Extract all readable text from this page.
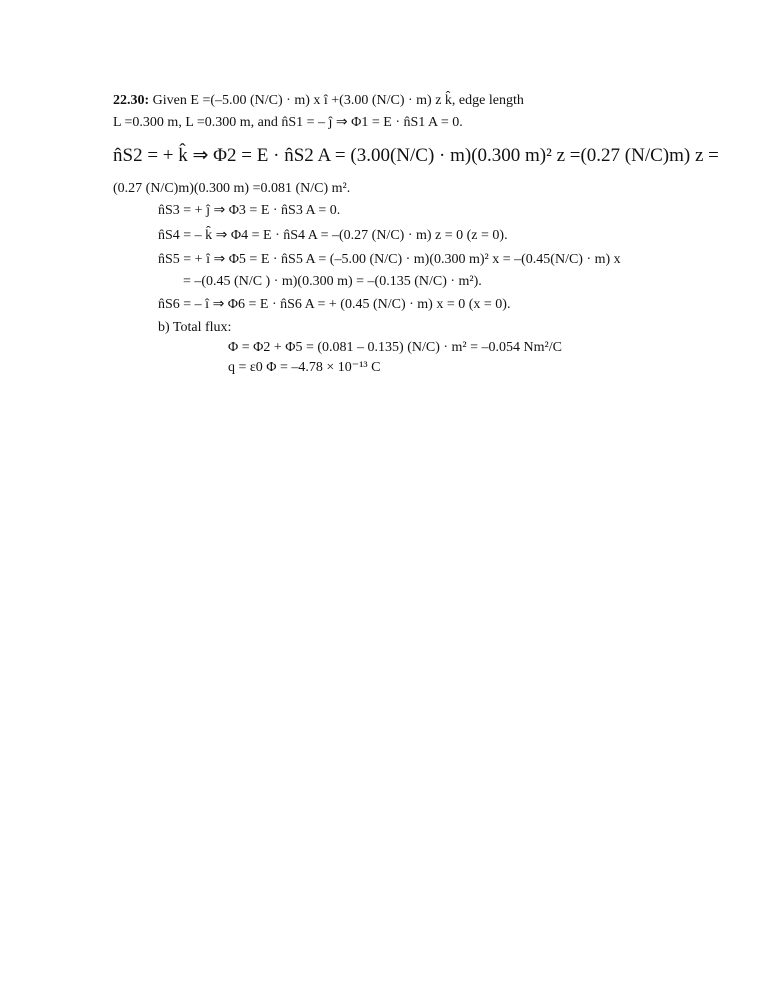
22.30: Given E =(–5.00 (N/C) · m) x î +(3.00 (N/C) · m) z k̂, edge length
L =0.300 m, L =0.300 m, and n̂S1 = – ĵ ⇒ Φ1 = E · n̂S1 A = 0.
n̂S2 = + k̂ ⇒ Φ2 = E · n̂S2 A = (3.00(N/C) · m)(0.300 m)² z =(0.27 (N/C)m) z =
(0.27 (N/C)m)(0.300 m) =0.081 (N/C) m².
n̂S3 = + ĵ ⇒ Φ3 = E · n̂S3 A = 0.
n̂S4 = – k̂ ⇒ Φ4 = E · n̂S4 A = –(0.27 (N/C) · m) z = 0 (z = 0).
n̂S5 = + î ⇒ Φ5 = E · n̂S5 A = (–5.00 (N/C) · m)(0.300 m)² x = –(0.45(N/C) · m) x
= –(0.45 (N/C ) · m)(0.300 m) = –(0.135 (N/C) · m²).
n̂S6 = – î ⇒ Φ6 = E · n̂S6 A = + (0.45 (N/C) · m) x = 0 (x = 0).
b) Total flux:
Φ = Φ2 + Φ5 = (0.081 – 0.135) (N/C) · m² = –0.054 Nm²/C
q = ε0 Φ = –4.78 × 10⁻¹³ C
